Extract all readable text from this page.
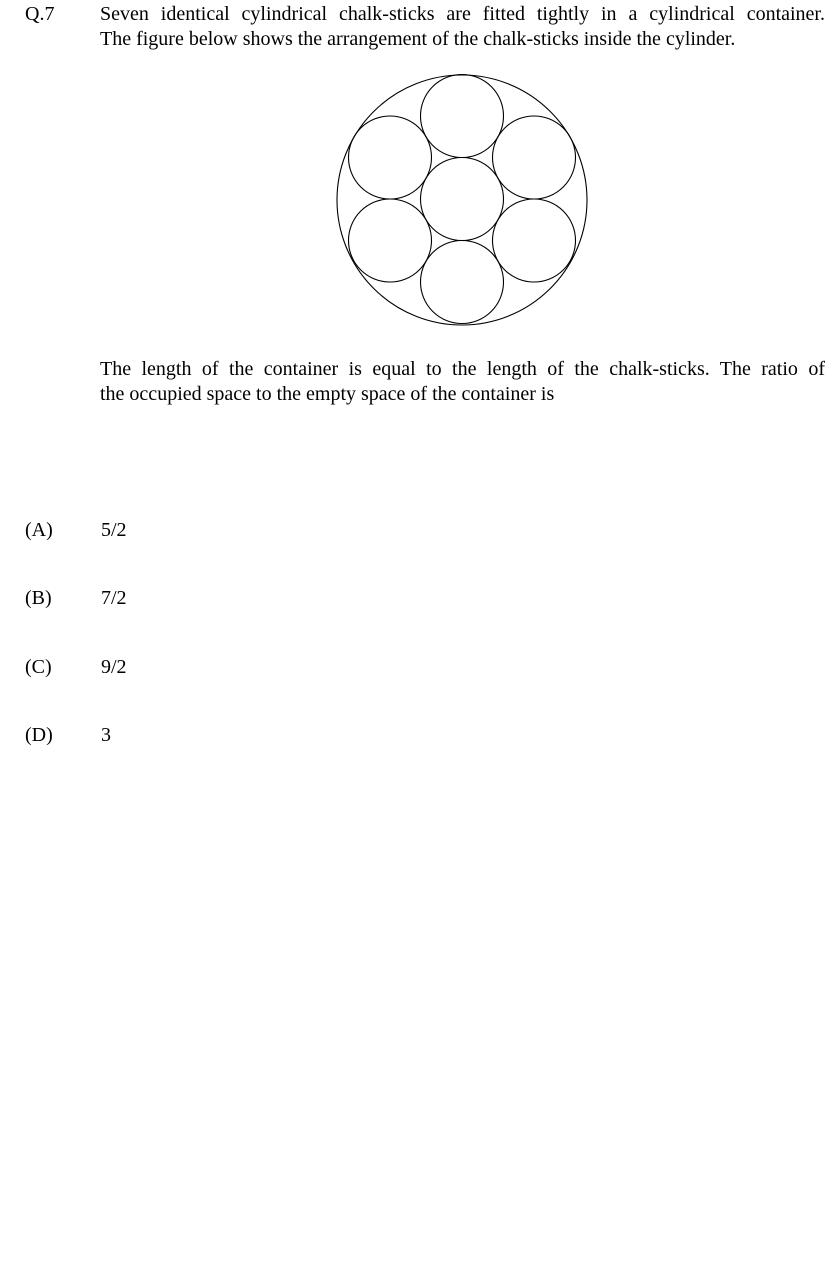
Q.7 Seven identical cylindrical chalk-sticks are fitted tightly in a cylindrical container.
The figure below shows the arrangement of the chalk-sticks inside the cylinder.
The length of the container is equal to the length of the chalk-sticks. The ratio of
the occupied space to the empty space of the container is
(A) 5/2
(B) 7/2
(C) 9/2
(D) 3
